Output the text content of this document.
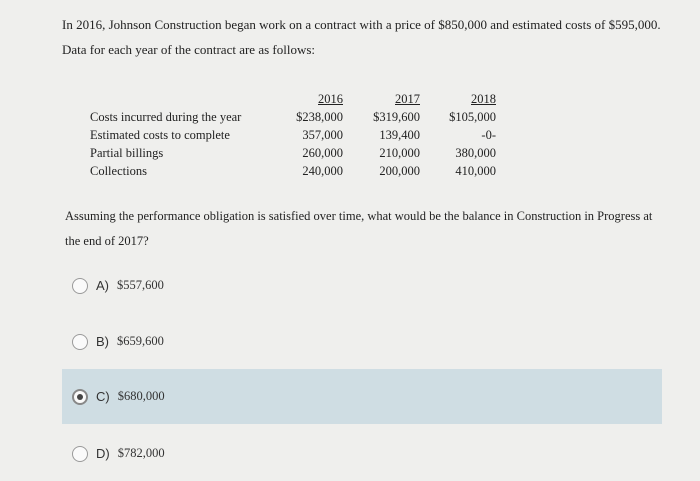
In 2016, Johnson Construction began work on a contract with a price of $850,000 and estimated costs of $595,000.
Data for each year of the contract are as follows:
Costs incurred during the year
Estimated costs to complete
Partial billings
Collections
2016
$238,000
357,000
260,000
240,000
2017
$319,600
139,400
210,000
200,000
2018
$105,000
-0-
380,000
410,000
Assuming the performance obligation is satisfied over time, what would be the balance in Construction in Progress at
the end of 2017?
A) $557,600
B) $659,600
C) $680,000
D) $782,000
